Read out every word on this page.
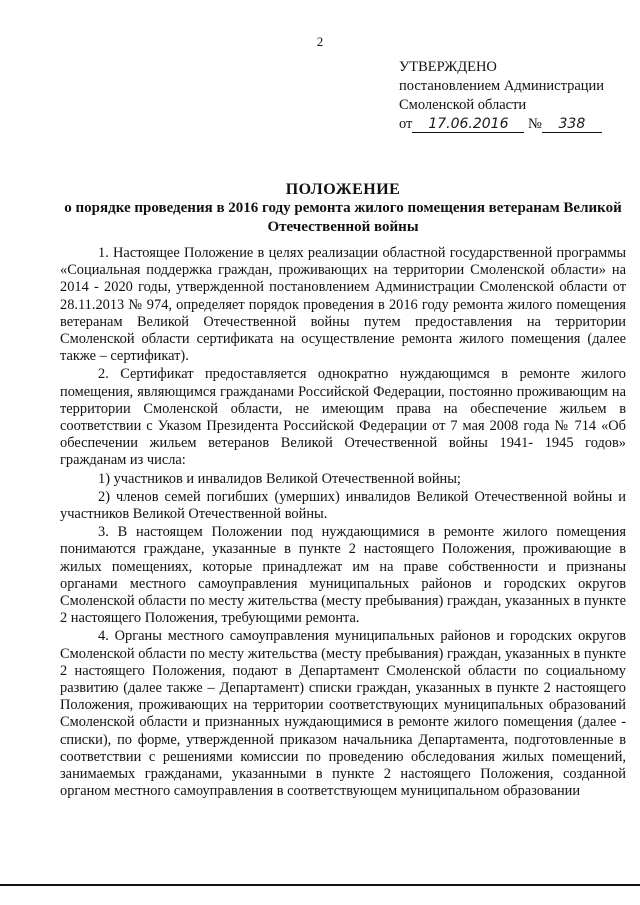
2
УТВЕРЖДЕНО
постановлением Администрации
Смоленской области
от 17.06.2016 № 338
ПОЛОЖЕНИЕ
о порядке проведения в 2016 году ремонта жилого помещения ветеранам Великой Отечественной войны

1. Настоящее Положение в целях реализации областной государственной программы «Социальная поддержка граждан, проживающих на территории Смоленской области» на 2014 - 2020 годы, утвержденной постановлением Администрации Смоленской области от 28.11.2013 № 974, определяет порядок проведения в 2016 году ремонта жилого помещения ветеранам Великой Отечественной войны путем предоставления на территории Смоленской области сертификата на осуществление ремонта жилого помещения (далее также – сертификат).

2. Сертификат предоставляется однократно нуждающимся в ремонте жилого помещения, являющимся гражданами Российской Федерации, постоянно проживающим на территории Смоленской области, не имеющим права на обеспечение жильем в соответствии с Указом Президента Российской Федерации от 7 мая 2008 года № 714 «Об обеспечении жильем ветеранов Великой Отечественной войны 1941- 1945 годов» гражданам из числа:

1) участников и инвалидов Великой Отечественной войны;

2) членов семей погибших (умерших) инвалидов Великой Отечественной войны и участников Великой Отечественной войны.

3. В настоящем Положении под нуждающимися в ремонте жилого помещения понимаются граждане, указанные в пункте 2 настоящего Положения, проживающие в жилых помещениях, которые принадлежат им на праве собственности и признаны органами местного самоуправления муниципальных районов и городских округов Смоленской области по месту жительства (месту пребывания) граждан, указанных в пункте 2 настоящего Положения, требующими ремонта.

4. Органы местного самоуправления муниципальных районов и городских округов Смоленской области по месту жительства (месту пребывания) граждан, указанных в пункте 2 настоящего Положения, подают в Департамент Смоленской области по социальному развитию (далее также – Департамент) списки граждан, указанных в пункте 2 настоящего Положения, проживающих на территории соответствующих муниципальных образований Смоленской области и признанных нуждающимися в ремонте жилого помещения (далее - списки), по форме, утвержденной приказом начальника Департамента, подготовленные в соответствии с решениями комиссии по проведению обследования жилых помещений, занимаемых гражданами, указанными в пункте 2 настоящего Положения, созданной органом местного самоуправления в соответствующем муниципальном образовании
